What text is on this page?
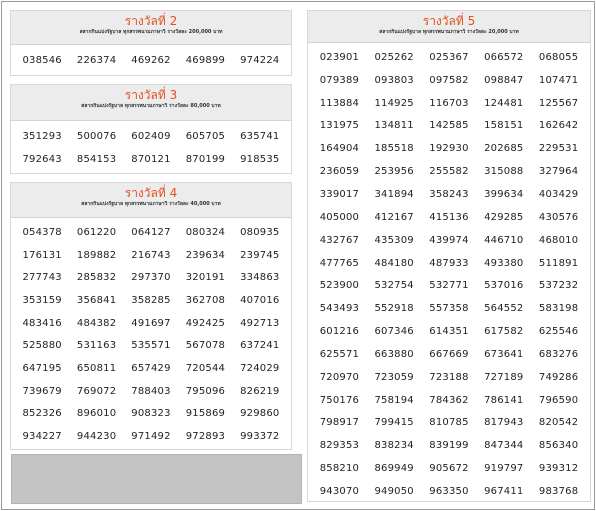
รางวัลที่ 2
สลากกินแบ่งรัฐบาล ทุกสรรพนามภาษาวิ รางวัลละ 200,000 บาท
038546	226374	469262	469899	974224
รางวัลที่ 3
สลากกินแบ่งรัฐบาล ทุกสรรพนามภาษาวิ รางวัลละ 80,000 บาท
351293	500076	602409	605705	635741
792643	854153	870121	870199	918535
รางวัลที่ 4
สลากกินแบ่งรัฐบาล ทุกสรรพนามภาษาวิ รางวัลละ 40,000 บาท
054378	061220	064127	080324	080935
176131	189882	216743	239634	239745
277743	285832	297370	320191	334863
353159	356841	358285	362708	407016
483416	484382	491697	492425	492713
525880	531163	535571	567078	637241
647195	650811	657429	720544	724029
739679	769072	788403	795096	826219
852326	896010	908323	915869	929860
934227	944230	971492	972893	993372
รางวัลที่ 5
สลากกินแบ่งรัฐบาล ทุกสรรพนามภาษาวิ รางวัลละ 20,000 บาท
023901	025262	025367	066572	068055
079389	093803	097582	098847	107471
113884	114925	116703	124481	125567
131975	134811	142585	158151	162642
164904	185518	192930	202685	229531
236059	253956	255582	315088	327964
339017	341894	358243	399634	403429
405000	412167	415136	429285	430576
432767	435309	439974	446710	468010
477765	484180	487933	493380	511891
523900	532754	532771	537016	537232
543493	552918	557358	564552	583198
601216	607346	614351	617582	625546
625571	663880	667669	673641	683276
720970	723059	723188	727189	749286
750176	758194	784362	786141	796590
798917	799415	810785	817943	820542
829353	838234	839199	847344	856340
858210	869949	905672	919797	939312
943070	949050	963350	967411	983768
